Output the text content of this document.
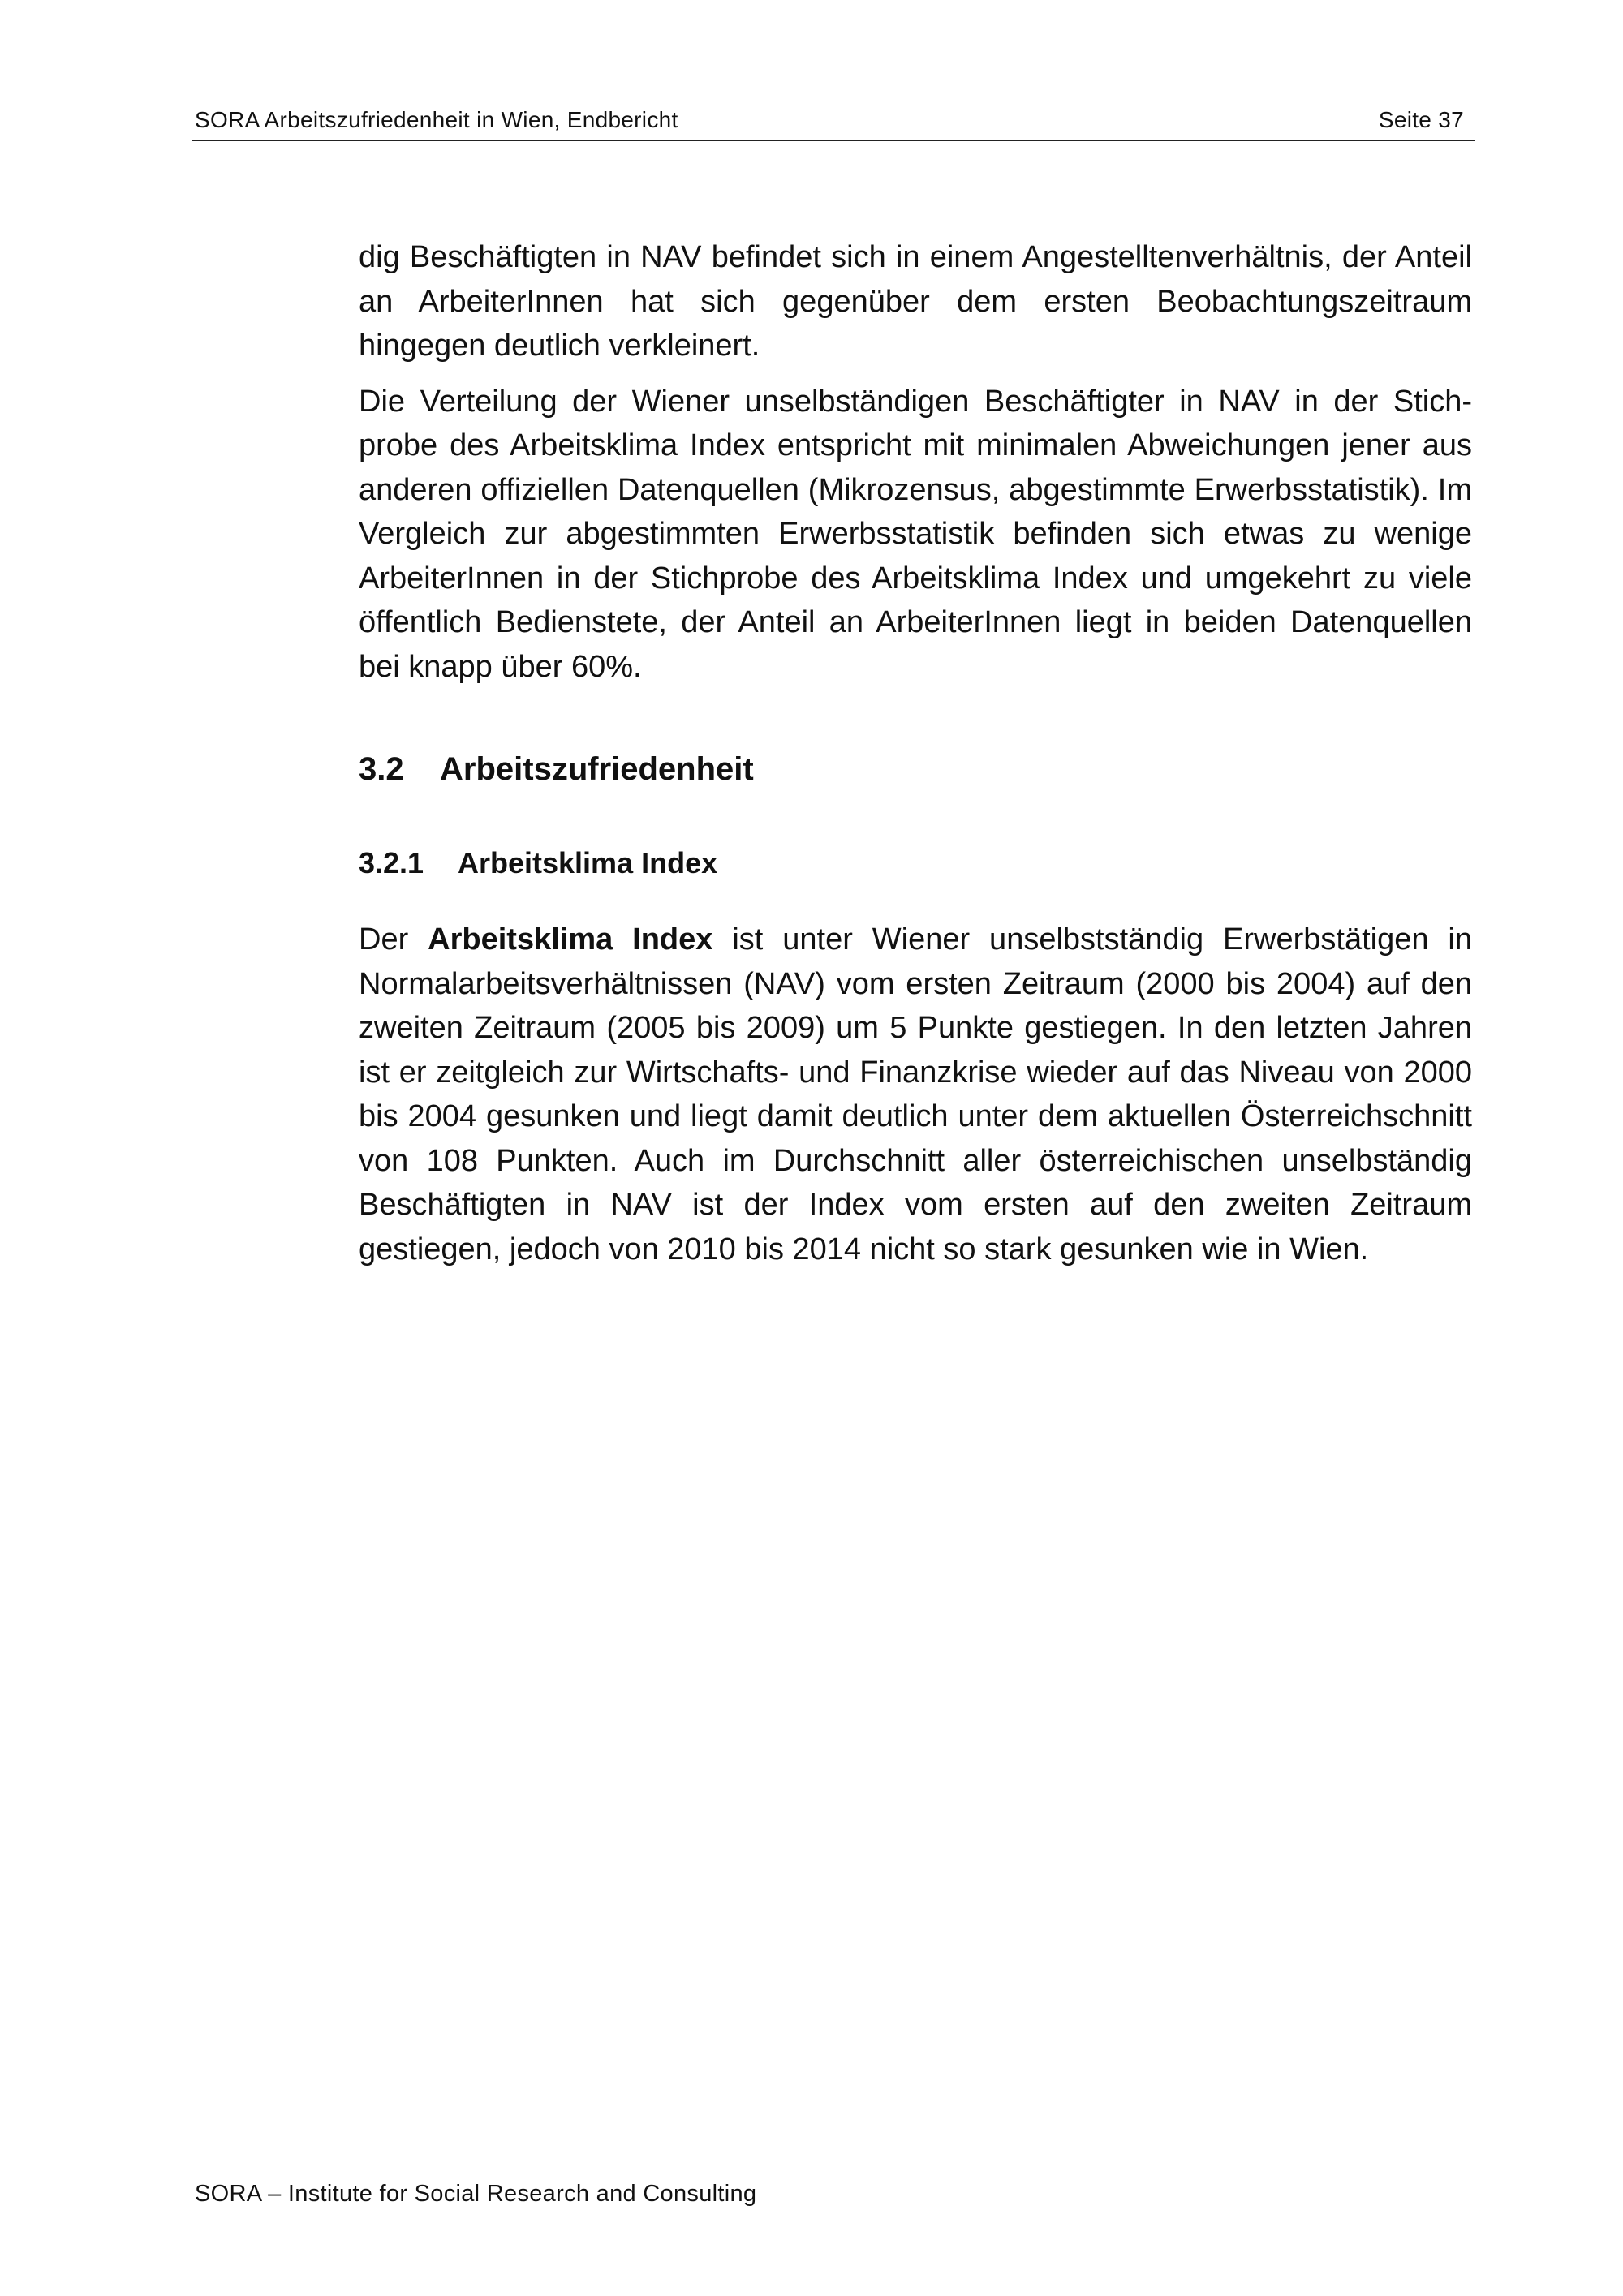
SORA Arbeitszufriedenheit in Wien, Endbericht	Seite 37

dig Beschäftigten in NAV befindet sich in einem Angestelltenverhältnis, der Anteil an ArbeiterInnen hat sich gegenüber dem ersten Beobachtungszeitraum hingegen deutlich verkleinert.

Die Verteilung der Wiener unselbständigen Beschäftigter in NAV in der Stichprobe des Arbeitsklima Index entspricht mit minimalen Abweichungen jener aus anderen offiziellen Datenquellen (Mikrozensus, abgestimmte Erwerbsstatistik). Im Vergleich zur abgestimmten Erwerbsstatistik befinden sich etwas zu wenige ArbeiterInnen in der Stichprobe des Arbeitsklima Index und umgekehrt zu viele öffentlich Bedienstete, der Anteil an ArbeiterInnen liegt in beiden Datenquellen bei knapp über 60%.

3.2 Arbeitszufriedenheit
3.2.1 Arbeitsklima Index

Der Arbeitsklima Index ist unter Wiener unselbstständig Erwerbstätigen in Normalarbeitsverhältnissen (NAV) vom ersten Zeitraum (2000 bis 2004) auf den zweiten Zeitraum (2005 bis 2009) um 5 Punkte gestiegen. In den letzten Jahren ist er zeitgleich zur Wirtschafts- und Finanzkrise wieder auf das Niveau von 2000 bis 2004 gesunken und liegt damit deutlich unter dem aktuellen Österreichschnitt von 108 Punkten. Auch im Durchschnitt aller österreichischen unselbständig Beschäftigten in NAV ist der Index vom ersten auf den zweiten Zeitraum gestiegen, jedoch von 2010 bis 2014 nicht so stark gesunken wie in Wien.

SORA – Institute for Social Research and Consulting
